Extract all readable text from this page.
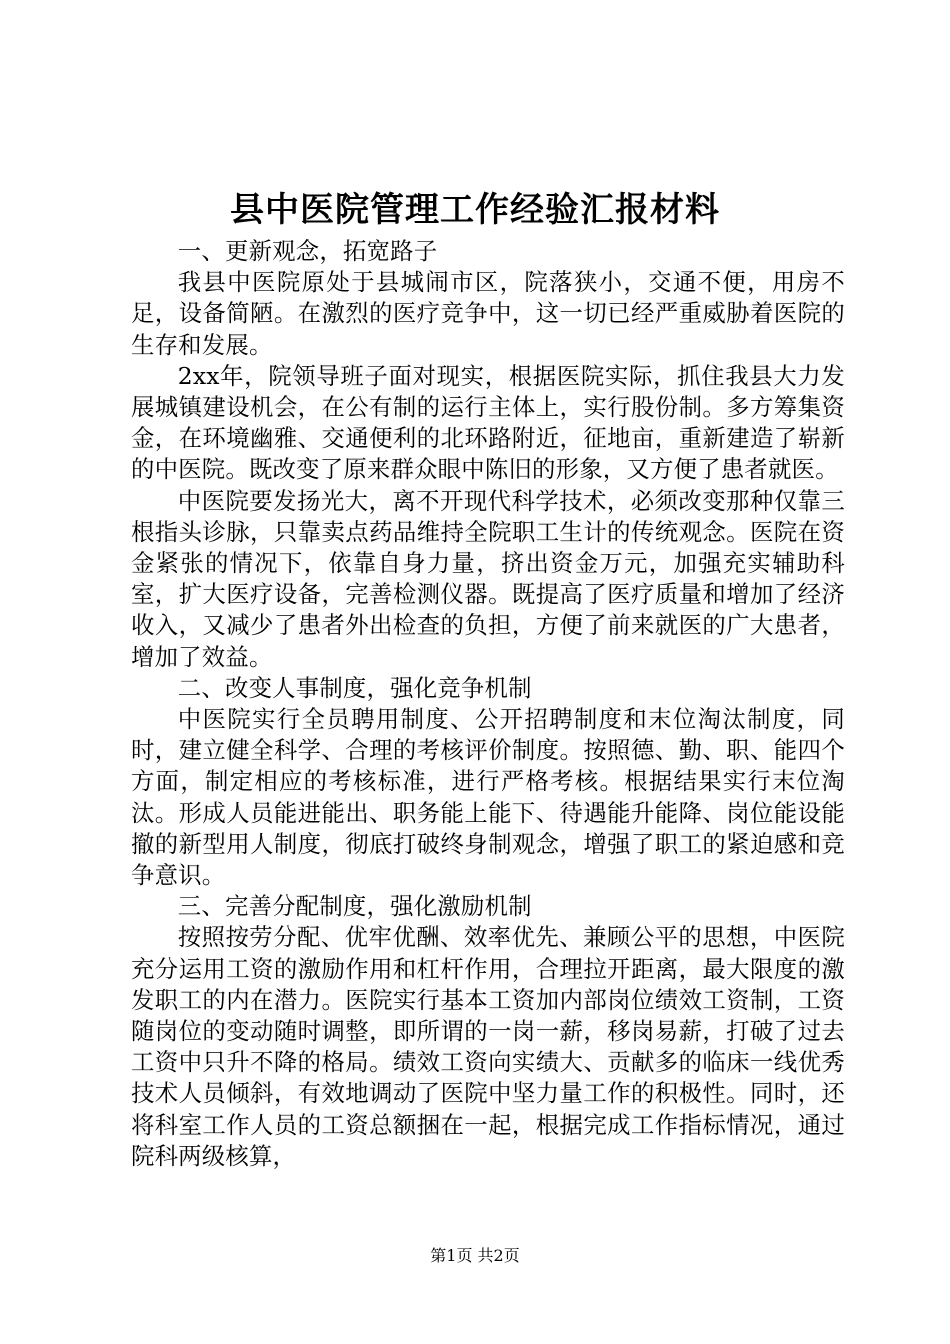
县中医院管理工作经验汇报材料

一、更新观念，拓宽路子

我县中医院原处于县城闹市区，院落狭小，交通不便，用房不足，设备简陋。在激烈的医疗竞争中，这一切已经严重威胁着医院的生存和发展。

2xx年，院领导班子面对现实，根据医院实际，抓住我县大力发展城镇建设机会，在公有制的运行主体上，实行股份制。多方筹集资金，在环境幽雅、交通便利的北环路附近，征地亩，重新建造了崭新的中医院。既改变了原来群众眼中陈旧的形象，又方便了患者就医。

中医院要发扬光大，离不开现代科学技术，必须改变那种仅靠三根指头诊脉，只靠卖点药品维持全院职工生计的传统观念。医院在资金紧张的情况下，依靠自身力量，挤出资金万元，加强充实辅助科室，扩大医疗设备，完善检测仪器。既提高了医疗质量和增加了经济收入，又减少了患者外出检查的负担，方便了前来就医的广大患者，增加了效益。

二、改变人事制度，强化竞争机制

中医院实行全员聘用制度、公开招聘制度和末位淘汰制度，同时，建立健全科学、合理的考核评价制度。按照德、勤、职、能四个方面，制定相应的考核标准，进行严格考核。根据结果实行末位淘汰。形成人员能进能出、职务能上能下、待遇能升能降、岗位能设能撤的新型用人制度，彻底打破终身制观念，增强了职工的紧迫感和竞争意识。

三、完善分配制度，强化激励机制

按照按劳分配、优牢优酬、效率优先、兼顾公平的思想，中医院充分运用工资的激励作用和杠杆作用，合理拉开距离，最大限度的激发职工的内在潜力。医院实行基本工资加内部岗位绩效工资制，工资随岗位的变动随时调整，即所谓的一岗一薪，移岗易薪，打破了过去工资中只升不降的格局。绩效工资向实绩大、贡献多的临床一线优秀技术人员倾斜，有效地调动了医院中坚力量工作的积极性。同时，还将科室工作人员的工资总额捆在一起，根据完成工作指标情况，通过院科两级核算，

第1页 共2页
